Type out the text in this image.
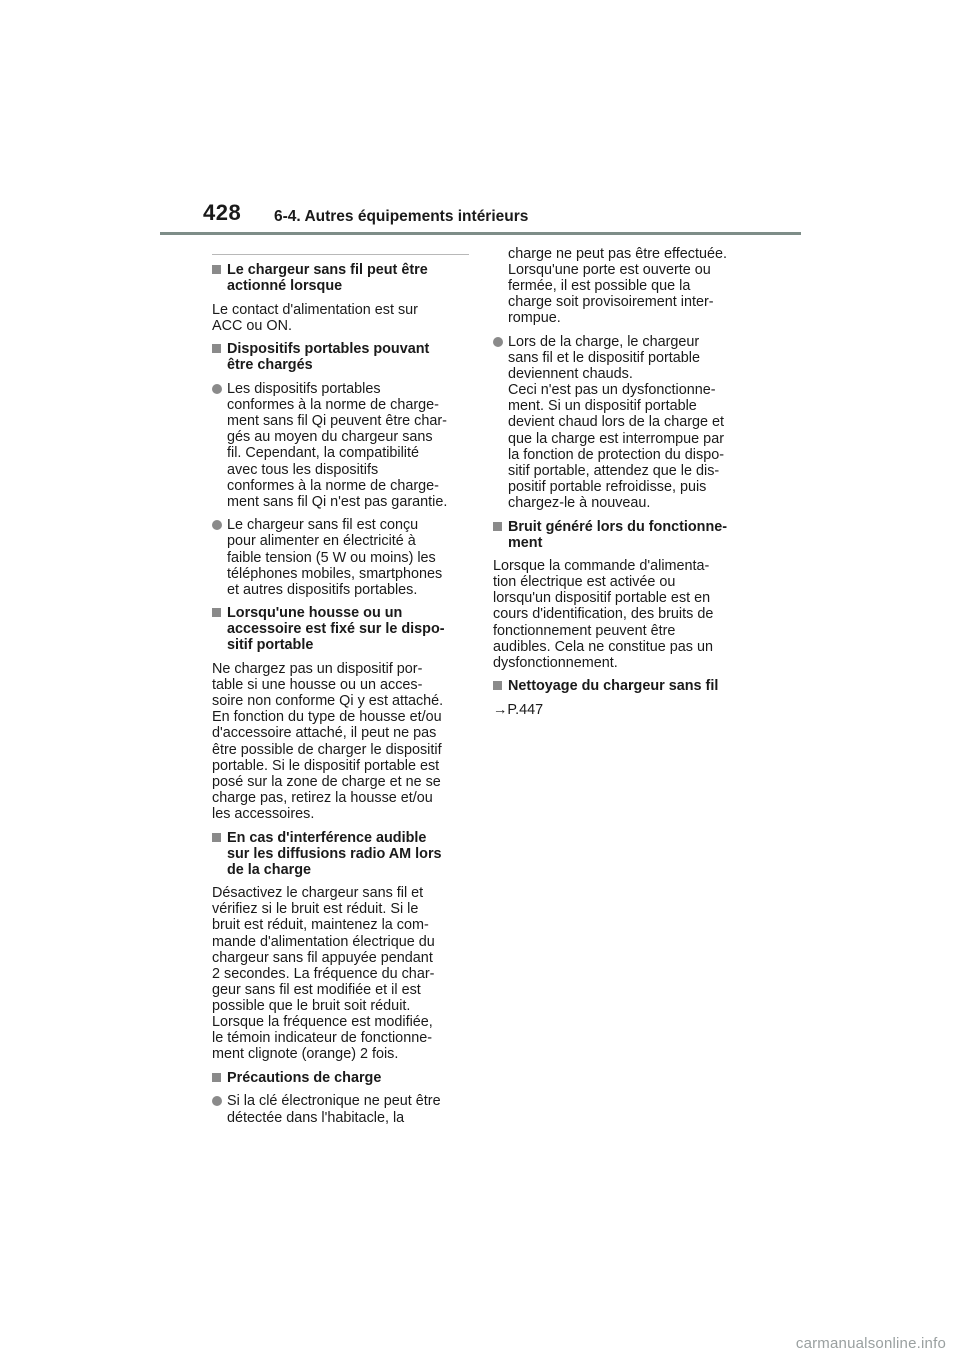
428 6-4. Autres équipements intérieurs
Le chargeur sans fil peut être
actionné lorsque
Le contact d'alimentation est sur
ACC ou ON.
Dispositifs portables pouvant
être chargés
Les dispositifs portables
conformes à la norme de charge-
ment sans fil Qi peuvent être char-
gés au moyen du chargeur sans
fil. Cependant, la compatibilité
avec tous les dispositifs
conformes à la norme de charge-
ment sans fil Qi n'est pas garantie.
Le chargeur sans fil est conçu
pour alimenter en électricité à
faible tension (5 W ou moins) les
téléphones mobiles, smartphones
et autres dispositifs portables.
Lorsqu'une housse ou un
accessoire est fixé sur le dispo-
sitif portable
Ne chargez pas un dispositif por-
table si une housse ou un acces-
soire non conforme Qi y est attaché.
En fonction du type de housse et/ou
d'accessoire attaché, il peut ne pas
être possible de charger le dispositif
portable. Si le dispositif portable est
posé sur la zone de charge et ne se
charge pas, retirez la housse et/ou
les accessoires.
En cas d'interférence audible
sur les diffusions radio AM lors
de la charge
Désactivez le chargeur sans fil et
vérifiez si le bruit est réduit. Si le
bruit est réduit, maintenez la com-
mande d'alimentation électrique du
chargeur sans fil appuyée pendant
2 secondes. La fréquence du char-
geur sans fil est modifiée et il est
possible que le bruit soit réduit.
Lorsque la fréquence est modifiée,
le témoin indicateur de fonctionne-
ment clignote (orange) 2 fois.
Précautions de charge
Si la clé électronique ne peut être
détectée dans l'habitacle, la
charge ne peut pas être effectuée.
Lorsqu'une porte est ouverte ou
fermée, il est possible que la
charge soit provisoirement inter-
rompue.
Lors de la charge, le chargeur
sans fil et le dispositif portable
deviennent chauds.
Ceci n'est pas un dysfonctionne-
ment. Si un dispositif portable
devient chaud lors de la charge et
que la charge est interrompue par
la fonction de protection du dispo-
sitif portable, attendez que le dis-
positif portable refroidisse, puis
chargez-le à nouveau.
Bruit généré lors du fonctionne-
ment
Lorsque la commande d'alimenta-
tion électrique est activée ou
lorsqu'un dispositif portable est en
cours d'identification, des bruits de
fonctionnement peuvent être
audibles. Cela ne constitue pas un
dysfonctionnement.
Nettoyage du chargeur sans fil
→P.447
carmanualsonline.info
